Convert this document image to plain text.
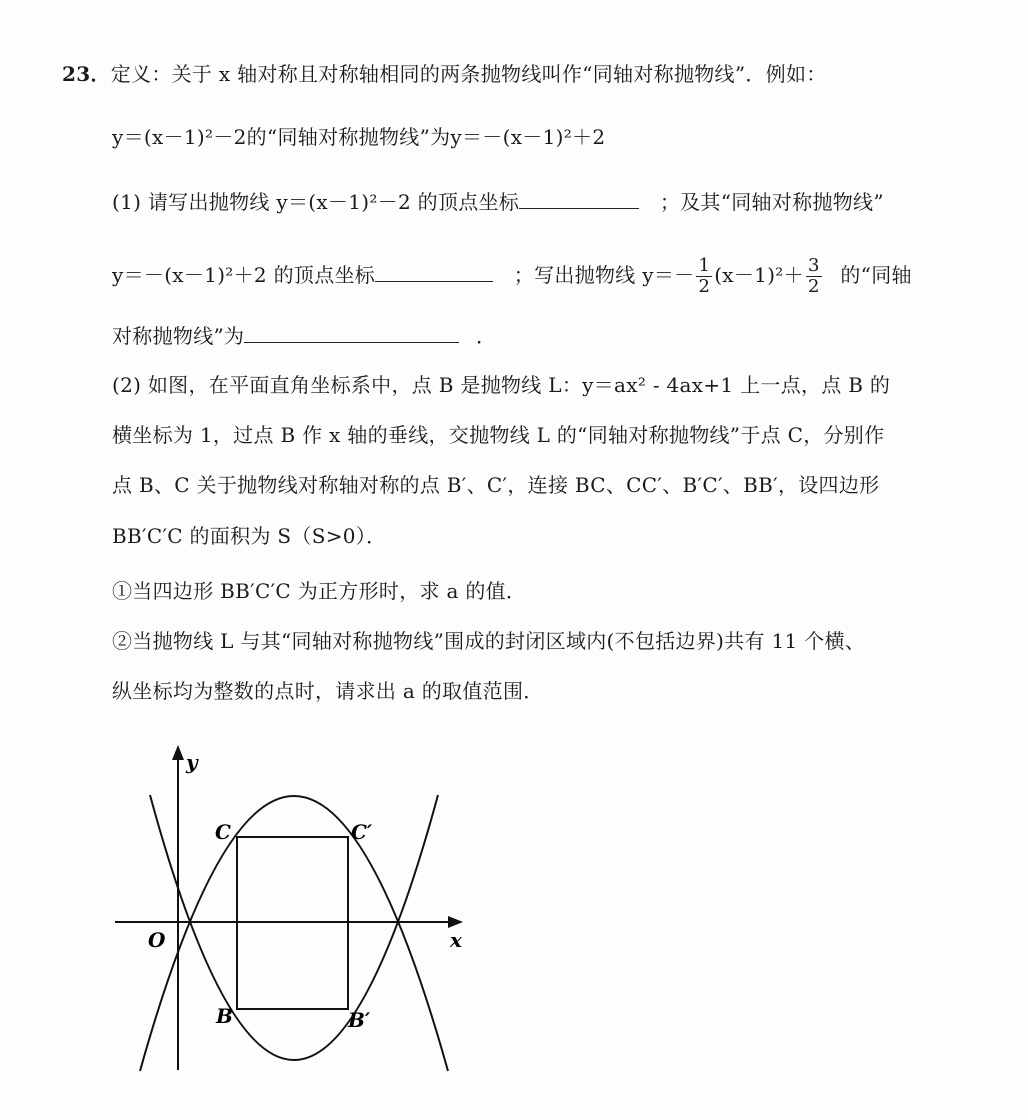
23．定义：关于 x 轴对称且对称轴相同的两条抛物线叫作“同轴对称抛物线”．例如：
y＝(x－1)²－2的“同轴对称抛物线”为y＝－(x－1)²＋2
(1) 请写出抛物线 y＝(x－1)²－2 的顶点坐标	；及其“同轴对称抛物线”
y＝－(x－1)²＋2 的顶点坐标	；写出抛物线 $y=- \frac{1}{2} (x-1)^2+ \frac{3}{2}$ 的“同轴
对称抛物线”为	．
(2) 如图，在平面直角坐标系中，点 B 是抛物线 L：y＝ax² - 4ax+1 上一点，点 B 的
横坐标为 1，过点 B 作 x 轴的垂线，交抛物线 L 的“同轴对称抛物线”于点 C，分别作
点 B、C 关于抛物线对称轴对称的点 B′、C′，连接 BC、CC′、B′C′、BB′，设四边形
BB′C′C 的面积为 S（S>0）．
①当四边形 BB′C′C 为正方形时，求 a 的值．
②当抛物线 L 与其“同轴对称抛物线”围成的封闭区域内(不包括边界)共有 11 个横、
纵坐标均为整数的点时，请求出 a 的取值范围．
y
x
O
C	C′
B	B′
